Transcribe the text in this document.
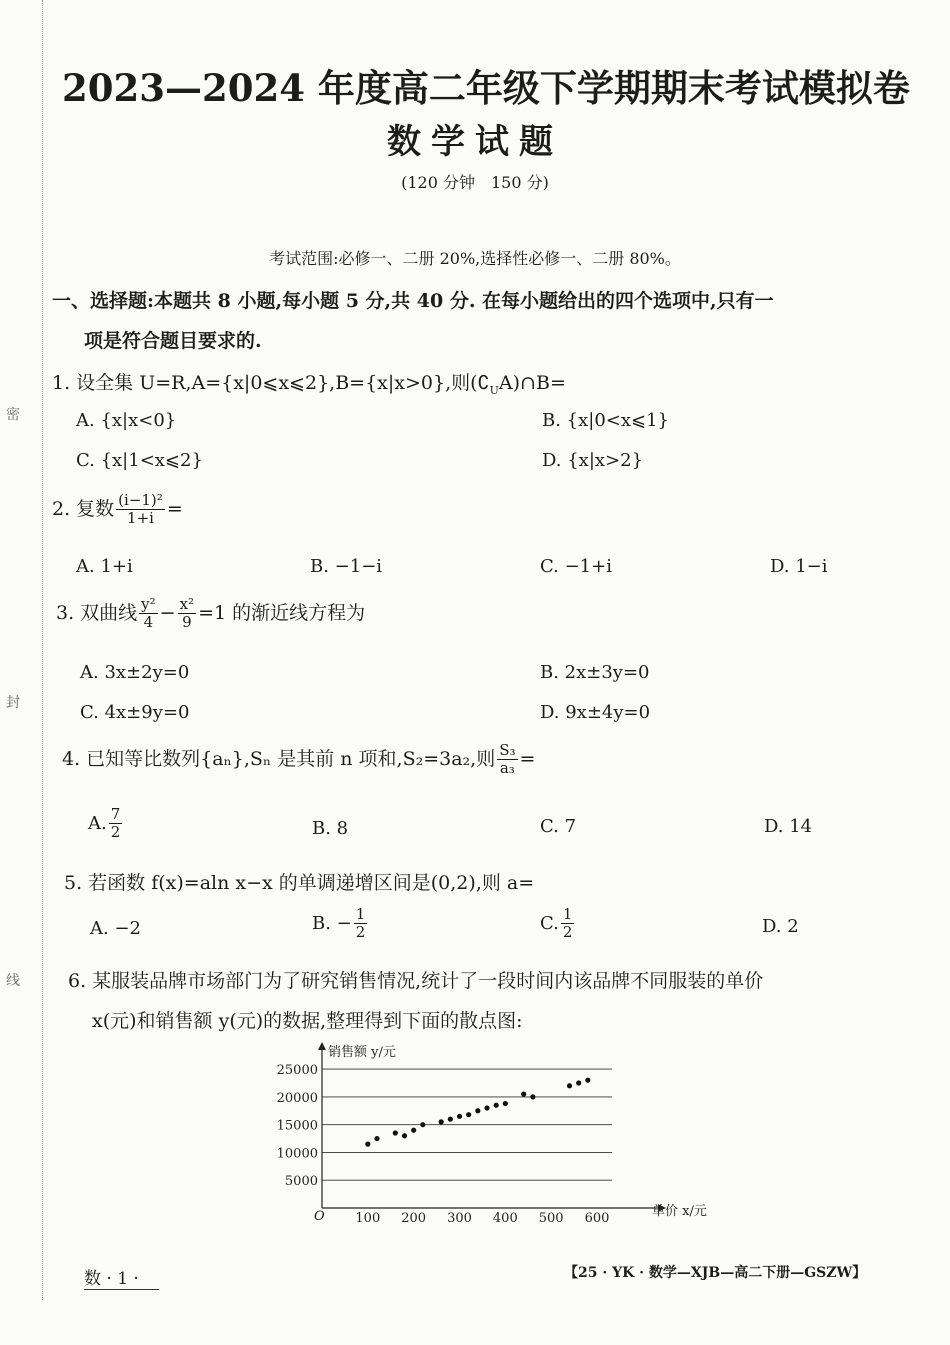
密
封
线
2023—2024 年度高二年级下学期期末考试模拟卷
数学试题
(120 分钟　150 分)
考试范围:必修一、二册 20%,选择性必修一、二册 80%。
一、选择题:本题共 8 小题,每小题 5 分,共 40 分. 在每小题给出的四个选项中,只有一
项是符合题目要求的.
1. 设全集 U=R,A={x|0⩽x⩽2},B={x|x>0},则$(∁_UA)\cap B=$
A. {x|x<0}	B. {x|0<x⩽1}
C. {x|1<x⩽2}	D. {x|x>2}
2. 复数 $\frac{\text{(i−1)²}}{1+i}$ =
A. 1+i	B. −1−i	C. −1+i	D. 1−i
3. 双曲线 $\frac{\text{y²}}{4} - \frac{\text{x²}}{9} =1$ 的渐近线方程为
A. 3x±2y=0	B. 2x±3y=0
C. 4x±9y=0	D. 9x±4y=0
4. 已知等比数列{aₙ},Sₙ 是其前 n 项和,S₂=3a₂,则 $\frac{\text{S₃}}{\text{a₃}}$ =
A. $\frac{7}{2}$	B. 8	C. 7	D. 14
5. 若函数 f(x)=aln x−x 的单调递增区间是(0,2),则 a=
A. −2	B. − $\frac{1}{2}$	C. $\frac{1}{2}$	D. 2
6. 某服装品牌市场部门为了研究销售情况,统计了一段时间内该品牌不同服装的单价
x(元)和销售额 y(元)的数据,整理得到下面的散点图:
5000
10000
15000
20000
25000
100 200 300 400 500 600
销售额 y/元
单价 x/元
O
数 · 1 ·	【25 · YK · 数学—XJB—高二下册—GSZW】
